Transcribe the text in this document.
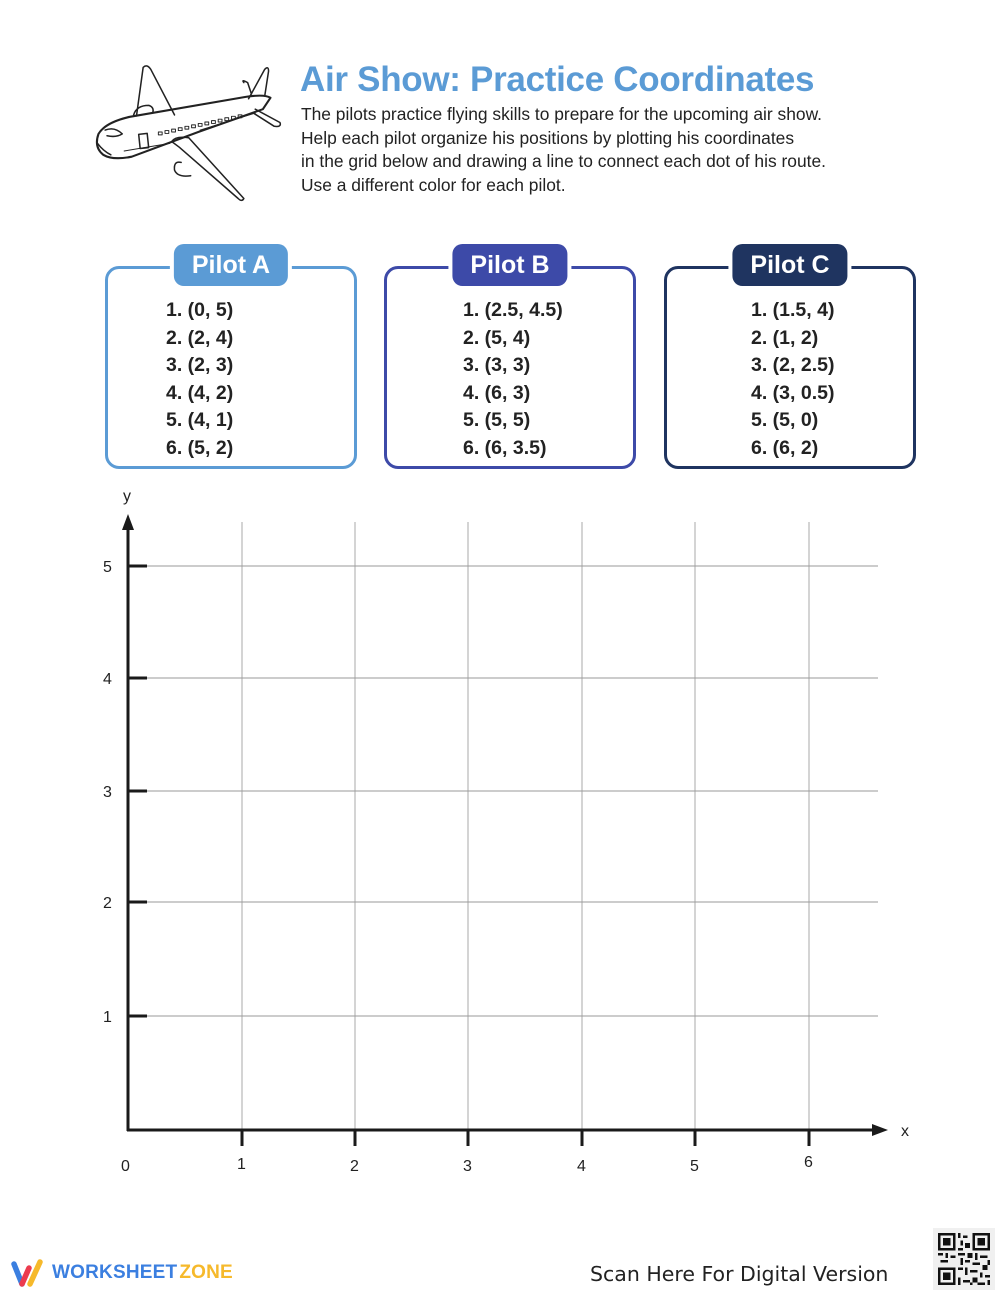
Air Show: Practice Coordinates
The pilots practice flying skills to prepare for the upcoming air show.
Help each pilot organize his positions by plotting his coordinates
in the grid below and drawing a line to connect each dot of his route.
Use a different color for each pilot.
Pilot A
1. (0, 5)
2. (2, 4)
3. (2, 3)
4. (4, 2)
5. (4, 1)
6. (5, 2)
Pilot B
1. (2.5, 4.5)
2. (5, 4)
3. (3, 3)
4. (6, 3)
5. (5, 5)
6. (6, 3.5)
Pilot C
1. (1.5, 4)
2. (1, 2)
3. (2, 2.5)
4. (3, 0.5)
5. (5, 0)
6. (6, 2)
y
x
0
5
4
3
2
1
1	2	3	4	5	6
WORKSHEET ZONE	Scan Here For Digital Version
